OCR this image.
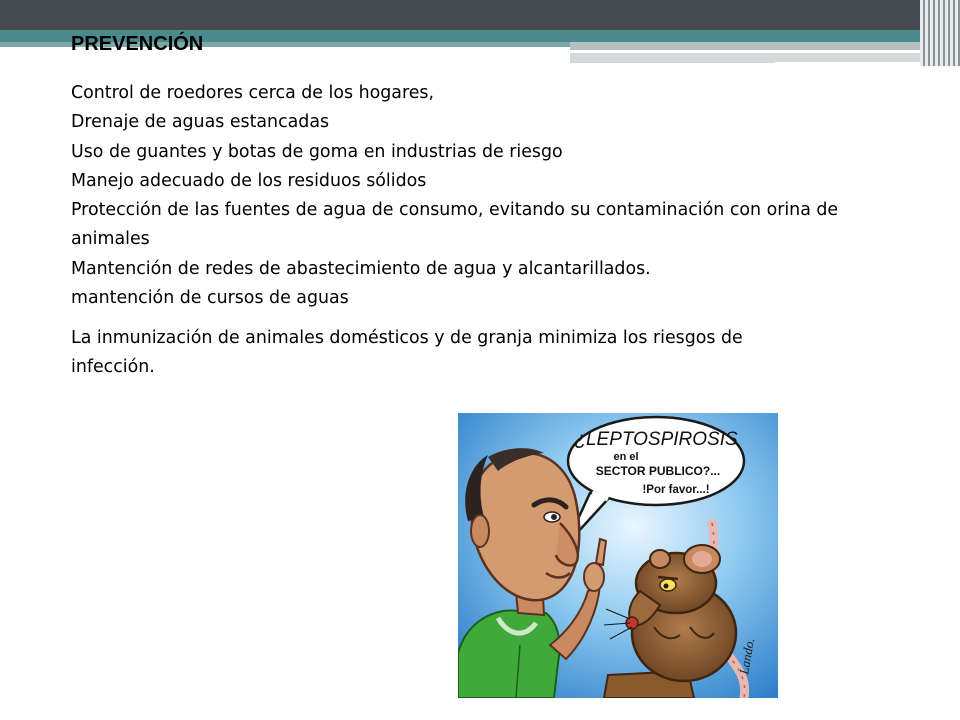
PREVENCIÓN
Control de roedores cerca de los hogares,
Drenaje de aguas estancadas
Uso de guantes y botas de goma en industrias de riesgo
Manejo adecuado de los residuos sólidos
Protección de las fuentes de agua de consumo, evitando su contaminación con orina de animales
Mantención de redes de abastecimiento de agua y alcantarillados.
mantención de cursos de aguas
La inmunización de animales domésticos y de granja minimiza los riesgos de infección.
¿LEPTOSPIROSIS
en el
SECTOR PUBLICO?...
!Por favor...!
Lando.
